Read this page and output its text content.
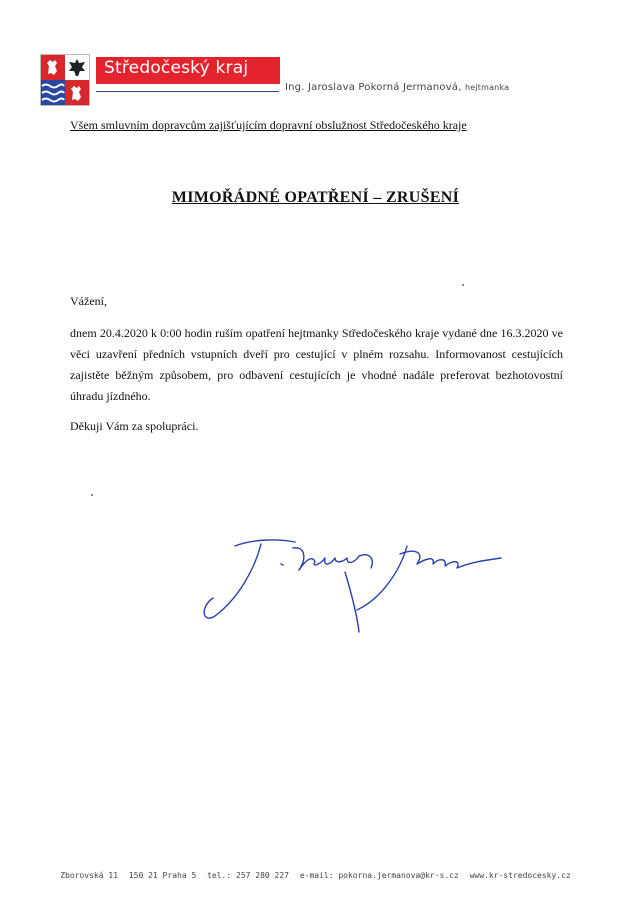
Středočeský kraj
Ing. Jaroslava Pokorná Jermanová, hejtmanka
Všem smluvním dopravcům zajišťujícím dopravní obslužnost Středočeského kraje
MIMOŘÁDNÉ OPATŘENÍ – ZRUŠENÍ
Vážení,

dnem 20.4.2020 k 0:00 hodin ruším opatření hejtmanky Středočeského kraje vydané dne 16.3.2020 ve věci uzavření předních vstupních dveří pro cestující v plném rozsahu. Informovanost cestujících zajistěte běžným způsobem, pro odbavení cestujících je vhodné nadále preferovat bezhotovostní úhradu jízdného.

Děkuji Vám za spolupráci.
Zborovská 11 150 21 Praha 5 tel.: 257 280 227 e-mail: pokorna.jermanova@kr-s.cz www.kr-stredocesky.cz
